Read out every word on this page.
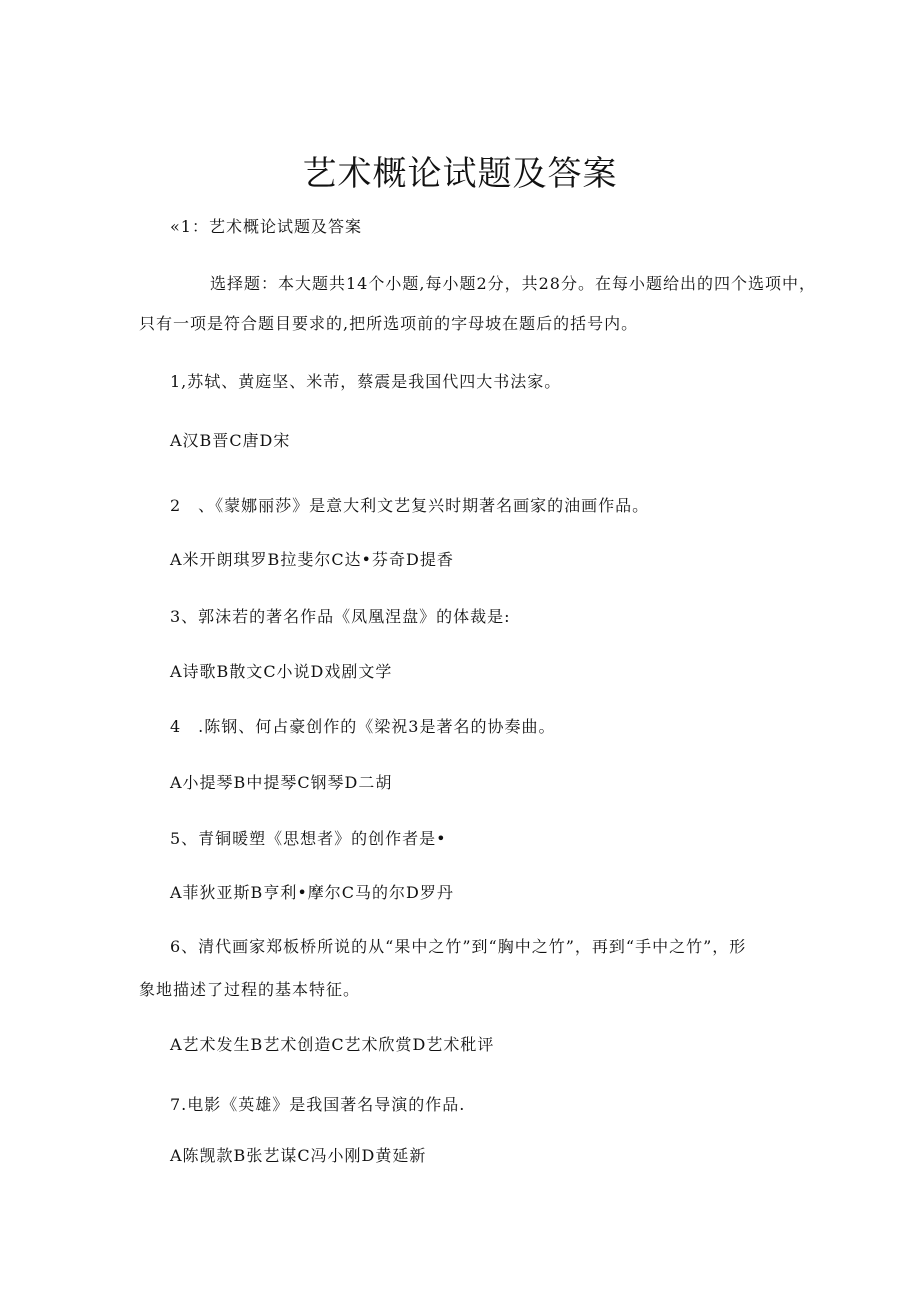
艺术概论试题及答案
«1：艺术概论试题及答案
选择题：本大题共14个小题,每小题2分，共28分。在每小题给出的四个选项中，
只有一项是符合题目要求的,把所选项前的字母坡在题后的括号内。
1,苏轼、黄庭坚、米芾，蔡震是我国代四大书法家。
A汉B晋C唐D宋
2　、《蒙娜丽莎》是意大利文艺复兴时期著名画家的油画作品。
A米开朗琪罗B拉斐尔C达•芬奇D提香
3、郭沫若的著名作品《凤凰涅盘》的体裁是:
A诗歌B散文C小说D戏剧文学
4　.陈钢、何占豪创作的《梁祝3是著名的协奏曲。
A小提琴B中提琴C钢琴D二胡
5、青铜暖塑《思想者》的创作者是•
A菲狄亚斯B亨利•摩尔C马的尔D罗丹
6、清代画家郑板桥所说的从“果中之竹”到“胸中之竹”，再到“手中之竹”，形
象地描述了过程的基本特征。
A艺术发生B艺术创造C艺术欣赏D艺术秕评
7.电影《英雄》是我国著名导演的作品.
A陈觊款B张艺谋C冯小刚D黄延新
